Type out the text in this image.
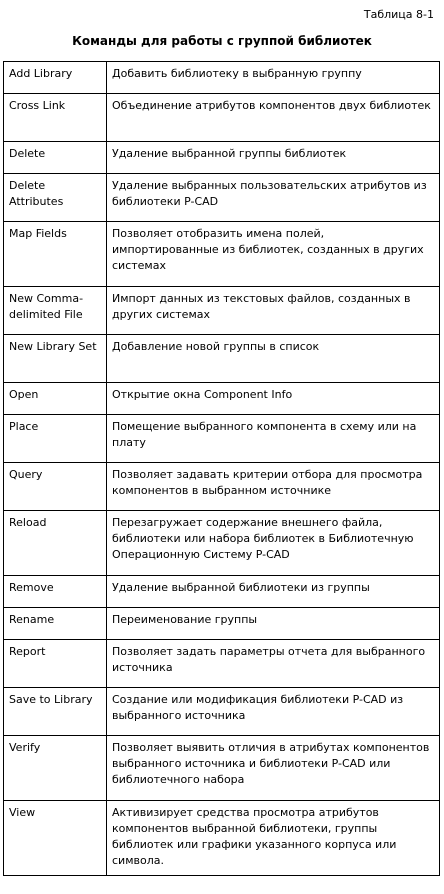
Таблица 8-1
Команды для работы с группой библиотек
Add Library	Добавить библиотеку в выбранную группу
Cross Link	Объединение атрибутов компонентов двух библиотек
Delete	Удаление выбранной группы библиотек
Delete Attributes	Удаление выбранных пользовательских атрибутов из библиотеки P-CAD
Map Fields	Позволяет отобразить имена полей, импортированные из библиотек, созданных в других системах
New Comma-delimited File	Импорт данных из текстовых файлов, созданных в других системах
New Library Set	Добавление новой группы в список
Open	Открытие окна Component Info
Place	Помещение выбранного компонента в схему или на плату
Query	Позволяет задавать критерии отбора для просмотра компонентов в выбранном источнике
Reload	Перезагружает содержание внешнего файла, библиотеки или набора библиотек в Библиотечную Операционную Систему P-CAD
Remove	Удаление выбранной библиотеки из группы
Rename	Переименование группы
Report	Позволяет задать параметры отчета для выбранного источника
Save to Library	Создание или модификация библиотеки P-CAD из выбранного источника
Verify	Позволяет выявить отличия в атрибутах компонентов выбранного источника и библиотеки P-CAD или библиотечного набора
View	Активизирует средства просмотра атрибутов компонентов выбранной библиотеки, группы библиотек или графики указанного корпуса или символа.
